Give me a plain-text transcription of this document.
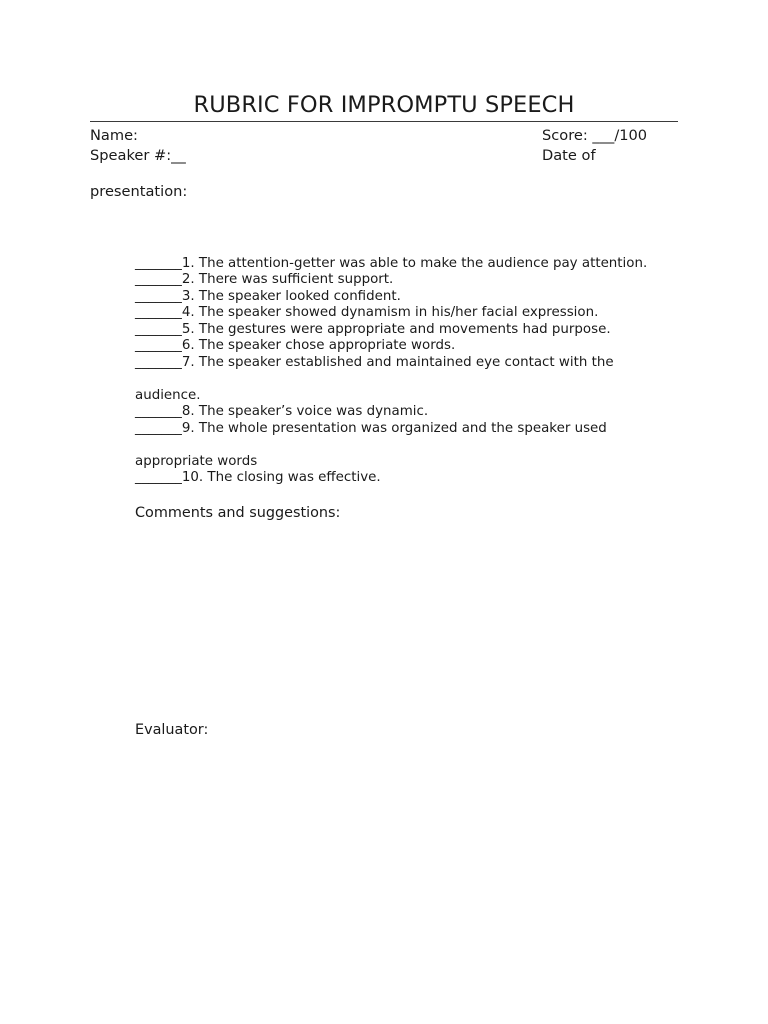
RUBRIC FOR IMPROMPTU SPEECH
Name:	Score: ___/100
Speaker #:__	Date of
presentation:
_______1. The attention-getter was able to make the audience pay attention.
_______2. There was sufficient support.
_______3. The speaker looked confident.
_______4. The speaker showed dynamism in his/her facial expression.
_______5. The gestures were appropriate and movements had purpose.
_______6. The speaker chose appropriate words.
_______7. The speaker established and maintained eye contact with the
audience.
_______8. The speaker’s voice was dynamic.
_______9. The whole presentation was organized and the speaker used
appropriate words
_______10. The closing was effective.
Comments and suggestions:
Evaluator:
